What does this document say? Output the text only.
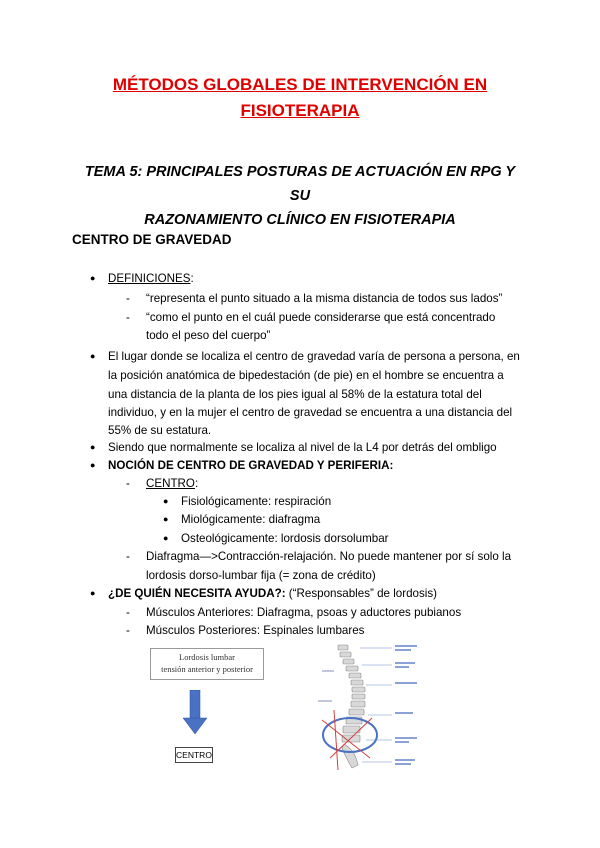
MÉTODOS GLOBALES DE INTERVENCIÓN EN
FISIOTERAPIA
TEMA 5: PRINCIPALES POSTURAS DE ACTUACIÓN EN RPG Y SU
RAZONAMIENTO CLÍNICO EN FISIOTERAPIA
CENTRO DE GRAVEDAD
● DEFINICIONES:
- “representa el punto situado a la misma distancia de todos sus lados”
- “como el punto en el cuál puede considerarse que está concentrado
todo el peso del cuerpo”
● El lugar donde se localiza el centro de gravedad varía de persona a persona, en
la posición anatómica de bipedestación (de pie) en el hombre se encuentra a
una distancia de la planta de los pies igual al 58% de la estatura total del
individuo, y en la mujer el centro de gravedad se encuentra a una distancia del
55% de su estatura.
● Siendo que normalmente se localiza al nivel de la L4 por detrás del ombligo
● NOCIÓN DE CENTRO DE GRAVEDAD Y PERIFERIA:
- CENTRO:
● Fisiológicamente: respiración
● Miológicamente: diafragma
● Osteológicamente: lordosis dorsolumbar
- Diafragma—>Contracción-relajación. No puede mantener por sí solo la
lordosis dorso-lumbar fija (= zona de crédito)
● ¿DE QUIÉN NECESITA AYUDA?: (“Responsables” de lordosis)
- Músculos Anteriores: Diafragma, psoas y aductores pubianos
- Músculos Posteriores: Espinales lumbares
Lordosis lumbar
tensión anterior y posterior
CENTRO
